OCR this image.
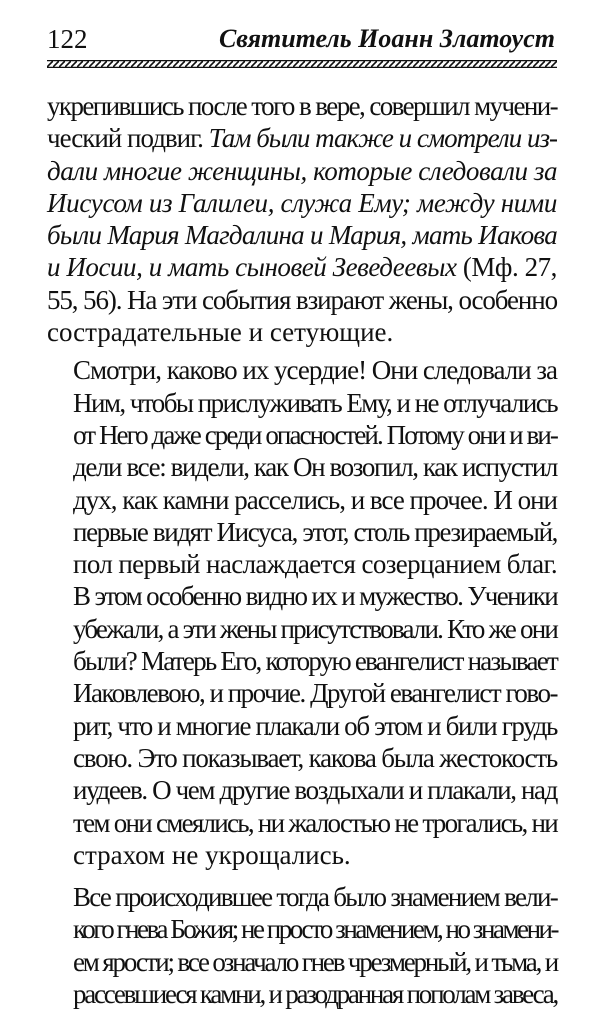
122	Святитель Иоанн Златоуст
укрепившись после того в вере, совершил мучени-
ческий подвиг. Там были также и смотрели из-
дали многие женщины, которые следовали за
Иисусом из Галилеи, служа Ему; между ними
были Мария Магдалина и Мария, мать Иакова
и Иосии, и мать сыновей Зеведеевых (Мф. 27,
55, 56). На эти события взирают жены, особенно
сострадательные и сетующие.
Смотри, каково их усердие! Они следовали за
Ним, чтобы прислуживать Ему, и не отлучались
от Него даже среди опасностей. Потому они и ви-
дели все: видели, как Он возопил, как испустил
дух, как камни расселись, и все прочее. И они
первые видят Иисуса, этот, столь презираемый,
пол первый наслаждается созерцанием благ.
В этом особенно видно их и мужество. Ученики
убежали, а эти жены присутствовали. Кто же они
были? Матерь Его, которую евангелист называет
Иаковлевою, и прочие. Другой евангелист гово-
рит, что и многие плакали об этом и били грудь
свою. Это показывает, какова была жестокость
иудеев. О чем другие воздыхали и плакали, над
тем они смеялись, ни жалостью не трогались, ни
страхом не укрощались.
Все происходившее тогда было знамением вели-
кого гнева Божия; не просто знамением, но знамени-
ем ярости; все означало гнев чрезмерный, и тьма, и
рассевшиеся камни, и разодранная пополам завеса,
